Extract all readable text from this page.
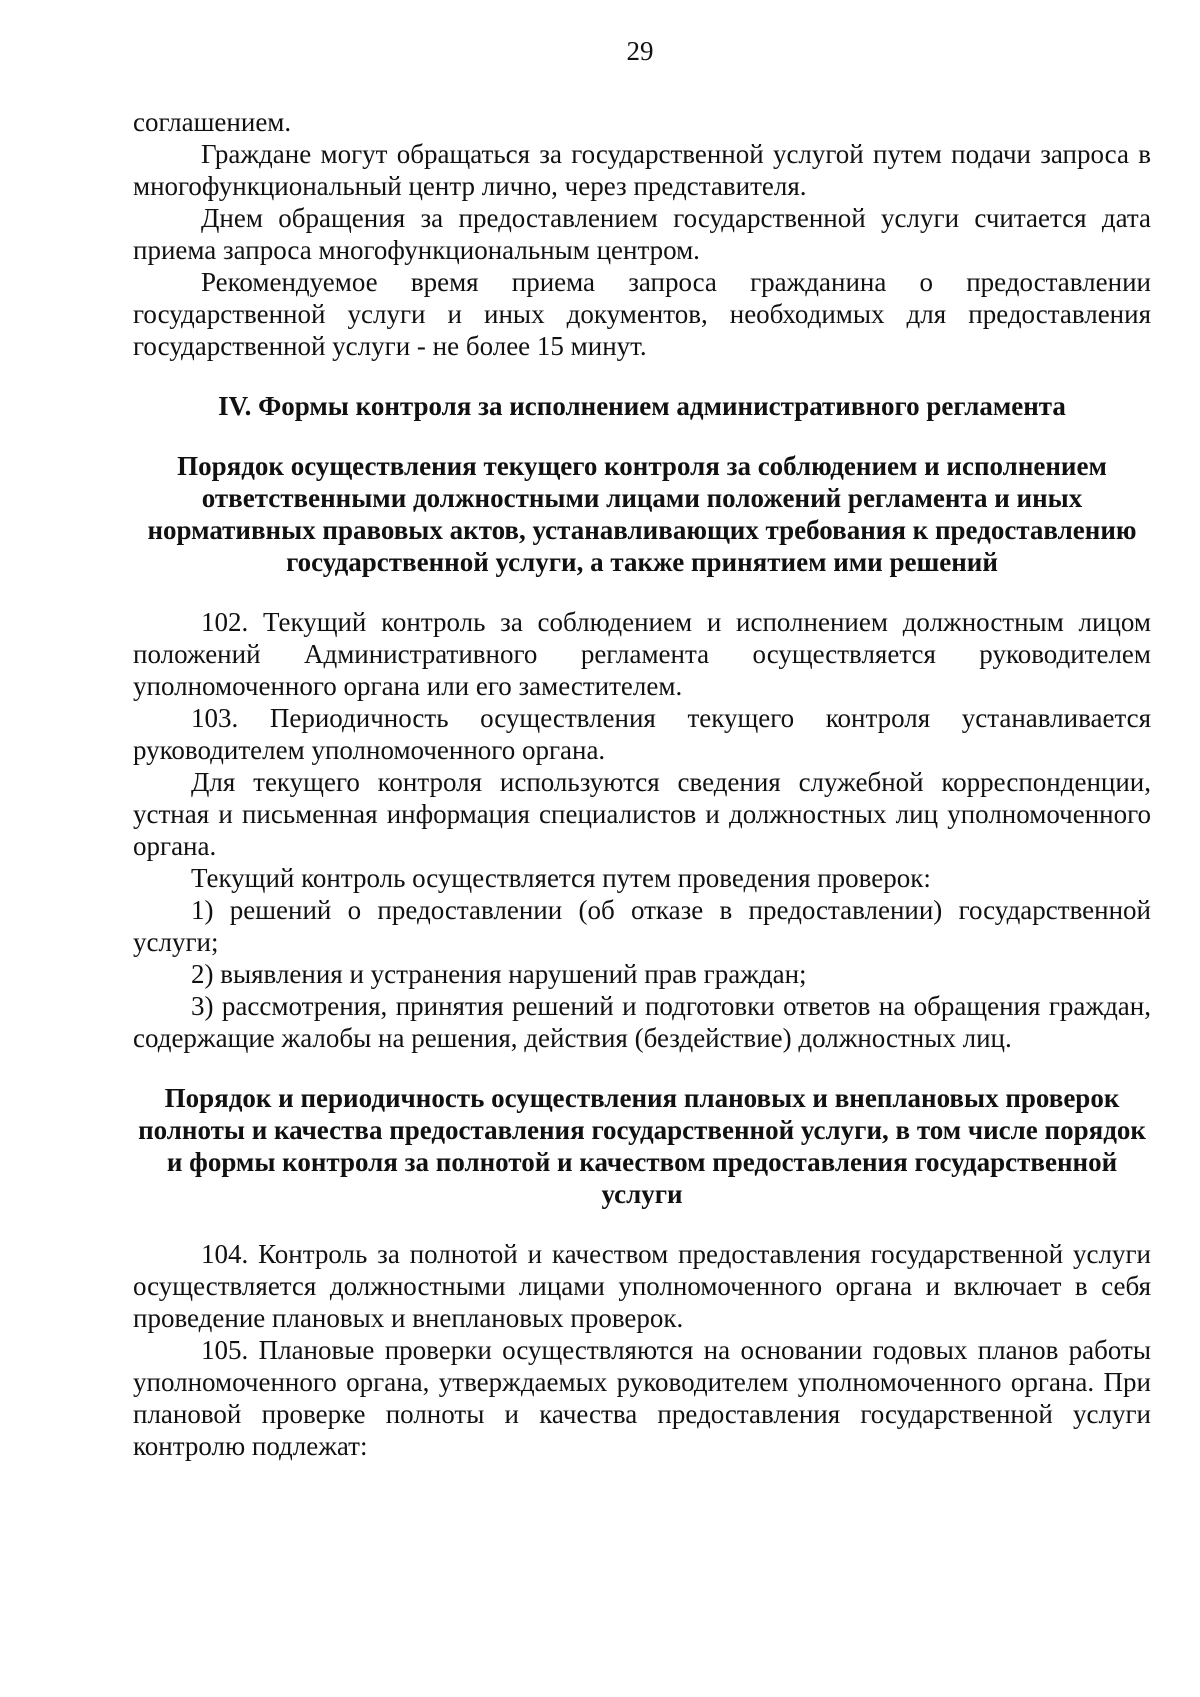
29

соглашением.

Граждане могут обращаться за государственной услугой путем подачи запроса в многофункциональный центр лично, через представителя.

Днем обращения за предоставлением государственной услуги считается дата приема запроса многофункциональным центром.

Рекомендуемое время приема запроса гражданина о предоставлении государственной услуги и иных документов, необходимых для предоставления государственной услуги - не более 15 минут.

IV. Формы контроля за исполнением административного регламента

Порядок осуществления текущего контроля за соблюдением и исполнением ответственными должностными лицами положений регламента и иных нормативных правовых актов, устанавливающих требования к предоставлению государственной услуги, а также принятием ими решений

102. Текущий контроль за соблюдением и исполнением должностным лицом положений Административного регламента осуществляется руководителем уполномоченного органа или его заместителем.

103. Периодичность осуществления текущего контроля устанавливается руководителем уполномоченного органа.

Для текущего контроля используются сведения служебной корреспонденции, устная и письменная информация специалистов и должностных лиц уполномоченного органа.

Текущий контроль осуществляется путем проведения проверок:

1) решений о предоставлении (об отказе в предоставлении) государственной услуги;

2) выявления и устранения нарушений прав граждан;

3) рассмотрения, принятия решений и подготовки ответов на обращения граждан, содержащие жалобы на решения, действия (бездействие) должностных лиц.

Порядок и периодичность осуществления плановых и внеплановых проверок полноты и качества предоставления государственной услуги, в том числе порядок и формы контроля за полнотой и качеством предоставления государственной услуги

104. Контроль за полнотой и качеством предоставления государственной услуги осуществляется должностными лицами уполномоченного органа и включает в себя проведение плановых и внеплановых проверок.

105. Плановые проверки осуществляются на основании годовых планов работы уполномоченного органа, утверждаемых руководителем уполномоченного органа. При плановой проверке полноты и качества предоставления государственной услуги контролю подлежат:
